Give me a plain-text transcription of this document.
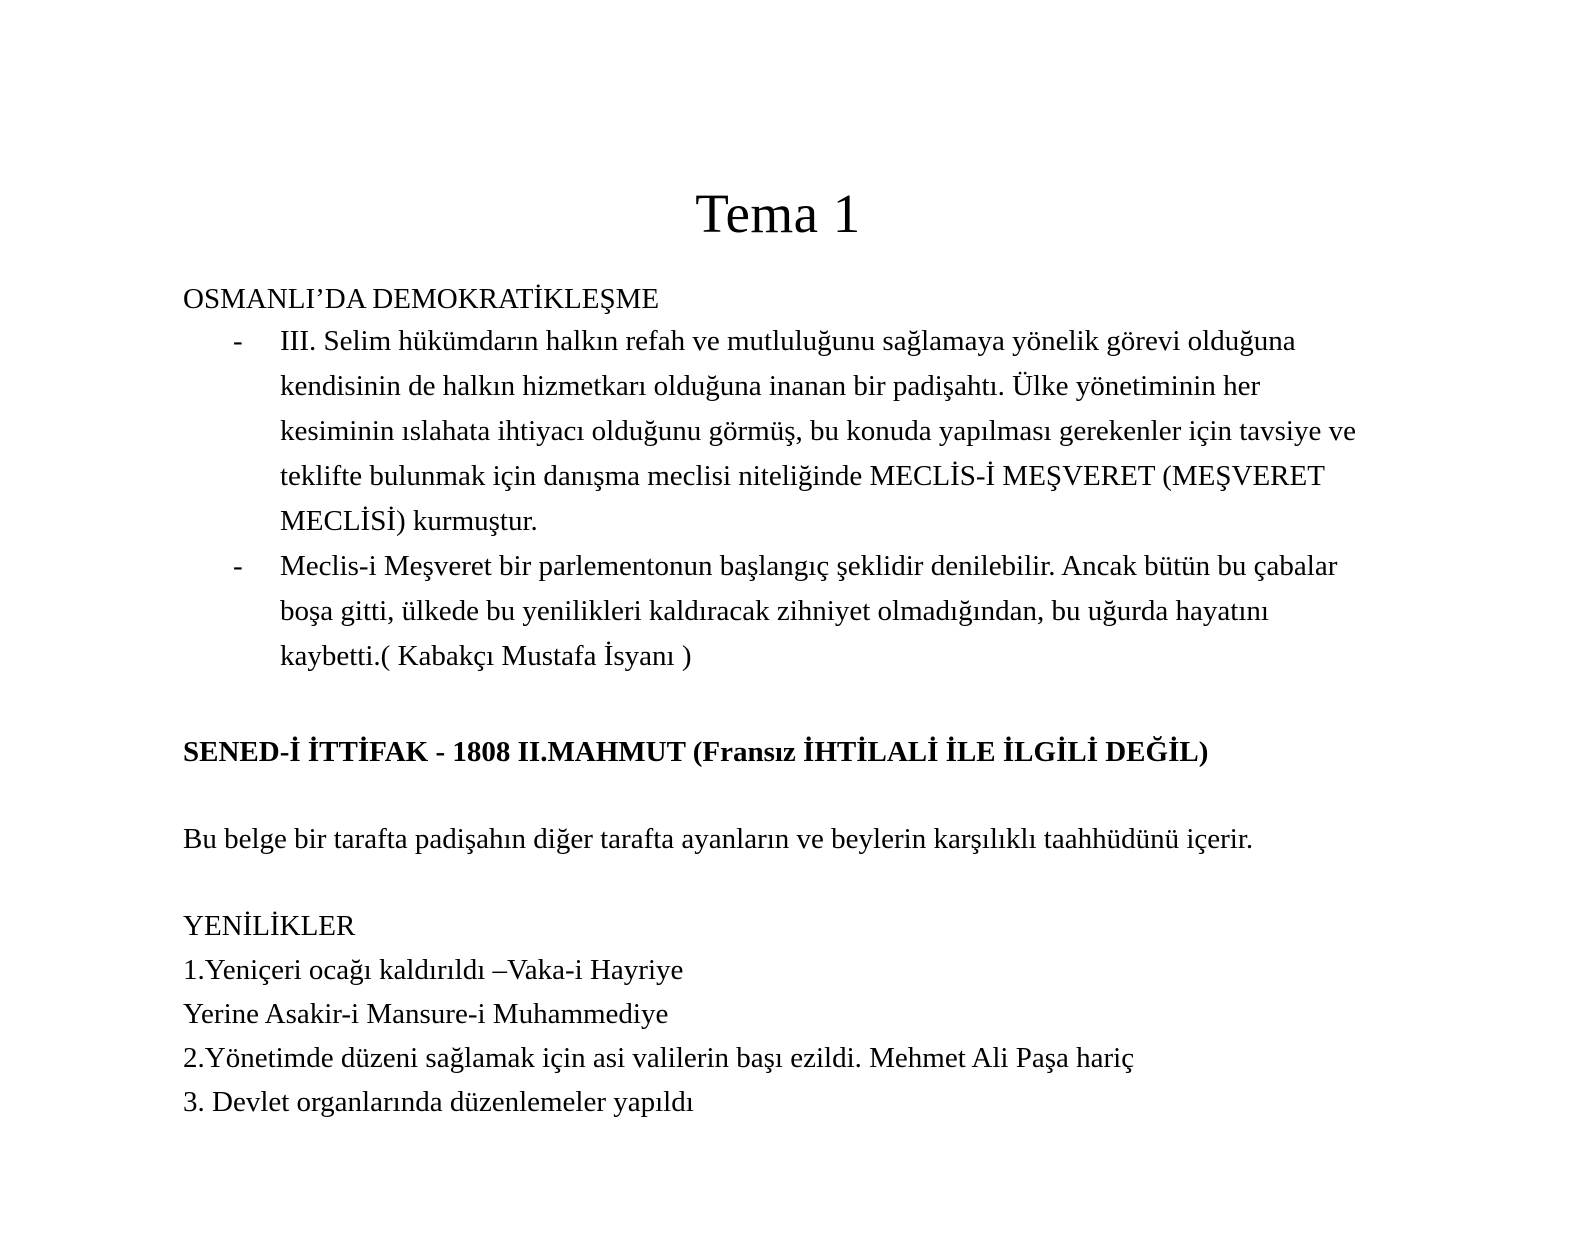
Tema 1
OSMANLI’DA DEMOKRATİKLEŞME
- III. Selim hükümdarın halkın refah ve mutluluğunu sağlamaya yönelik görevi olduğuna kendisinin de halkın hizmetkarı olduğuna inanan bir padişahtı. Ülke yönetiminin her kesiminin ıslahata ihtiyacı olduğunu görmüş, bu konuda yapılması gerekenler için tavsiye ve teklifte bulunmak için danışma meclisi niteliğinde MECLİS-İ MEŞVERET (MEŞVERET MECLİSİ) kurmuştur.
- Meclis-i Meşveret bir parlementonun başlangıç şeklidir denilebilir. Ancak bütün bu çabalar boşa gitti, ülkede bu yenilikleri kaldıracak zihniyet olmadığından, bu uğurda hayatını kaybetti.( Kabakçı Mustafa İsyanı )
SENED-İ İTTİFAK - 1808 II.MAHMUT (Fransız İHTİLALİ İLE İLGİLİ DEĞİL)
Bu belge bir tarafta padişahın diğer tarafta ayanların ve beylerin karşılıklı taahhüdünü içerir.
YENİLİKLER
1.Yeniçeri ocağı kaldırıldı –Vaka-i Hayriye
Yerine Asakir-i Mansure-i Muhammediye
2.Yönetimde düzeni sağlamak için asi valilerin başı ezildi. Mehmet Ali Paşa hariç
3. Devlet organlarında düzenlemeler yapıldı
